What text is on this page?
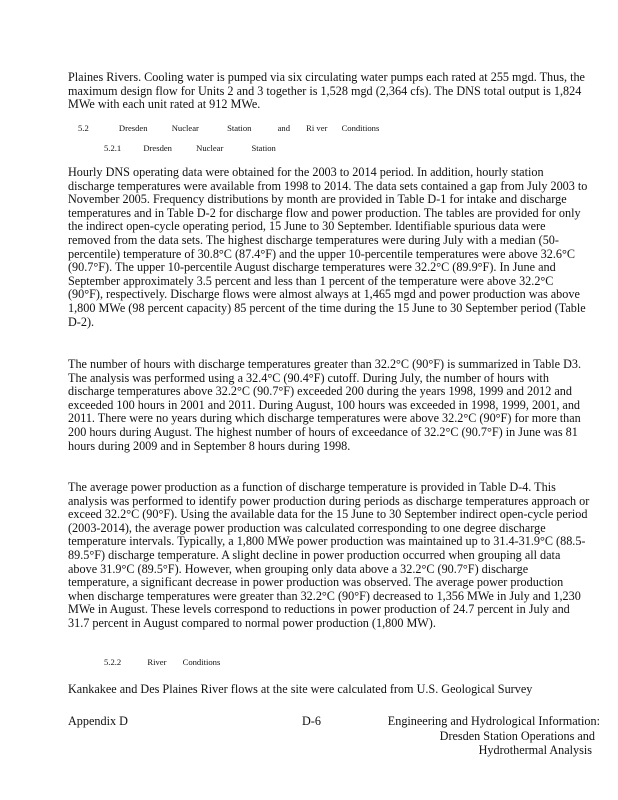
Plaines Rivers. Cooling water is pumped via six circulating water pumps each rated at 255 mgd. Thus, the maximum design flow for Units 2 and 3 together is 1,528 mgd (2,364 cfs). The DNS total output is 1,824 MWe with each unit rated at 912 MWe.

5.2	Dresden	Nuclear	Station	and Ri ver Conditions
5.2.1	Dresden	Nuclear	Station

Hourly DNS operating data were obtained for the 2003 to 2014 period. In addition, hourly station discharge temperatures were available from 1998 to 2014. The data sets contained a gap from July 2003 to November 2005. Frequency distributions by month are provided in Table D-1 for intake and discharge temperatures and in Table D-2 for discharge flow and power production. The tables are provided for only the indirect open-cycle operating period, 15 June to 30 September. Identifiable spurious data were removed from the data sets. The highest discharge temperatures were during July with a median (50-percentile) temperature of 30.8°C (87.4°F) and the upper 10-percentile temperatures were above 32.6°C (90.7°F). The upper 10-percentile August discharge temperatures were 32.2°C (89.9°F). In June and September approximately 3.5 percent and less than 1 percent of the temperature were above 32.2°C (90°F), respectively. Discharge flows were almost always at 1,465 mgd and power production was above 1,800 MWe (98 percent capacity) 85 percent of the time during the 15 June to 30 September period (Table D-2).

The number of hours with discharge temperatures greater than 32.2°C (90°F) is summarized in Table D3. The analysis was performed using a 32.4°C (90.4°F) cutoff. During July, the number of hours with discharge temperatures above 32.2°C (90.7°F) exceeded 200 during the years 1998, 1999 and 2012 and exceeded 100 hours in 2001 and 2011. During August, 100 hours was exceeded in 1998, 1999, 2001, and 2011. There were no years during which discharge temperatures were above 32.2°C (90°F) for more than 200 hours during August. The highest number of hours of exceedance of 32.2°C (90.7°F) in June was 81 hours during 2009 and in September 8 hours during 1998.

The average power production as a function of discharge temperature is provided in Table D-4. This analysis was performed to identify power production during periods as discharge temperatures approach or exceed 32.2°C (90°F). Using the available data for the 15 June to 30 September indirect open-cycle period (2003-2014), the average power production was calculated corresponding to one degree discharge temperature intervals. Typically, a 1,800 MWe power production was maintained up to 31.4-31.9°C (88.5-89.5°F) discharge temperature. A slight decline in power production occurred when grouping all data above 31.9°C (89.5°F). However, when grouping only data above a 32.2°C (90.7°F) discharge temperature, a significant decrease in power production was observed. The average power production when discharge temperatures were greater than 32.2°C (90°F) decreased to 1,356 MWe in July and 1,230 MWe in August. These levels correspond to reductions in power production of 24.7 percent in July and 31.7 percent in August compared to normal power production (1,800 MW).

5.2.2	River Conditions

Kankakee and Des Plaines River flows at the site were calculated from U.S. Geological Survey

Appendix D	D-6	Engineering and Hydrological Information:
Dresden Station Operations and
Hydrothermal Analysis
